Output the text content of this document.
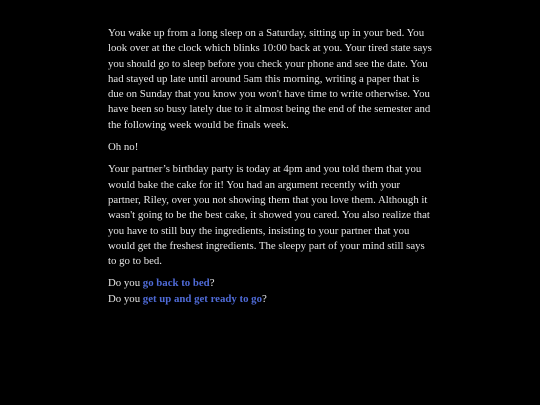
You wake up from a long sleep on a Saturday, sitting up in your bed. You look over at the clock which blinks 10:00 back at you. Your tired state says you should go to sleep before you check your phone and see the date. You had stayed up late until around 5am this morning, writing a paper that is due on Sunday that you know you won't have time to write otherwise. You have been so busy lately due to it almost being the end of the semester and the following week would be finals week.

Oh no!

Your partner’s birthday party is today at 4pm and you told them that you would bake the cake for it! You had an argument recently with your partner, Riley, over you not showing them that you love them. Although it wasn't going to be the best cake, it showed you cared. You also realize that you have to still buy the ingredients, insisting to your partner that you would get the freshest ingredients. The sleepy part of your mind still says to go to bed.

Do you go back to bed?
Do you get up and get ready to go?
